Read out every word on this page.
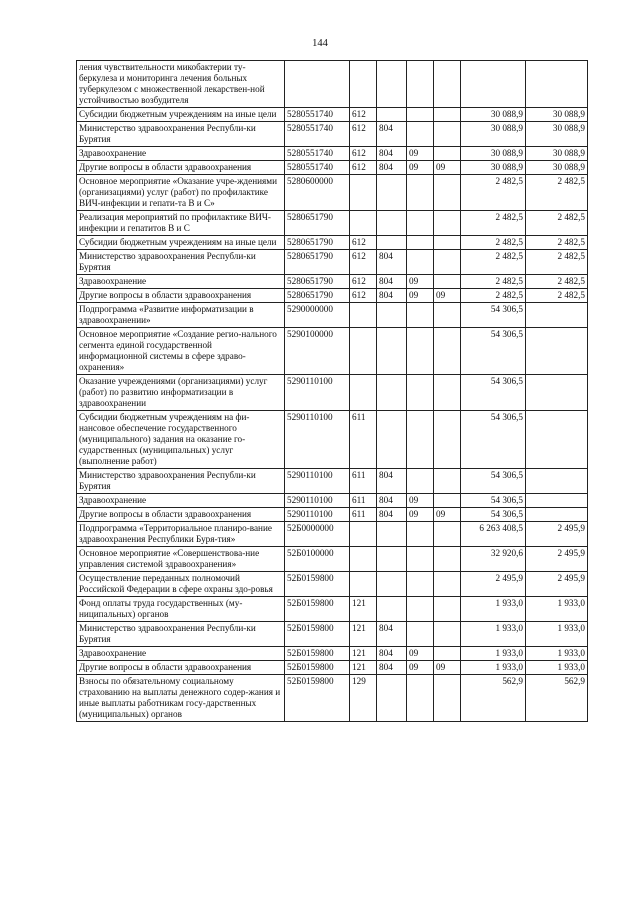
144
ления чувствительности микобактерии ту-беркулеза и мониторинга лечения больных туберкулезом с множественной лекарствен-ной устойчивостью возбудителя							
Субсидии бюджетным учреждениям на иные цели	5280551740	612				30 088,9	30 088,9
Министерство здравоохранения Республи-ки Бурятия	5280551740	612	804			30 088,9	30 088,9
Здравоохранение	5280551740	612	804	09		30 088,9	30 088,9
Другие вопросы в области здравоохранения	5280551740	612	804	09	09	30 088,9	30 088,9
Основное мероприятие «Оказание учре-ждениями (организациями) услуг (работ) по профилактике ВИЧ-инфекции и гепати-та В и С»	5280600000					2 482,5	2 482,5
Реализация мероприятий по профилактике ВИЧ-инфекции и гепатитов В и С	5280651790					2 482,5	2 482,5
Субсидии бюджетным учреждениям на иные цели	5280651790	612				2 482,5	2 482,5
Министерство здравоохранения Республи-ки Бурятия	5280651790	612	804			2 482,5	2 482,5
Здравоохранение	5280651790	612	804	09		2 482,5	2 482,5
Другие вопросы в области здравоохранения	5280651790	612	804	09	09	2 482,5	2 482,5
Подпрограмма «Развитие информатизации в здравоохранении»	5290000000					54 306,5	
Основное мероприятие «Создание регио-нального сегмента единой государственной информационной системы в сфере здраво-охранения»	5290100000					54 306,5	
Оказание учреждениями (организациями) услуг (работ) по развитию информатизации в здравоохранении	5290110100					54 306,5	
Субсидии бюджетным учреждениям на фи-нансовое обеспечение государственного (муниципального) задания на оказание го-сударственных (муниципальных) услуг (выполнение работ)	5290110100	611				54 306,5	
Министерство здравоохранения Республи-ки Бурятия	5290110100	611	804			54 306,5	
Здравоохранение	5290110100	611	804	09		54 306,5	
Другие вопросы в области здравоохранения	5290110100	611	804	09	09	54 306,5	
Подпрограмма «Территориальное планиро-вание здравоохранения Республики Буря-тия»	52Б0000000					6 263 408,5	2 495,9
Основное мероприятие «Совершенствова-ние управления системой здравоохранения»	52Б0100000					32 920,6	2 495,9
Осуществление переданных полномочий Российской Федерации в сфере охраны здо-ровья	52Б0159800					2 495,9	2 495,9
Фонд оплаты труда государственных (му-ниципальных) органов	52Б0159800	121				1 933,0	1 933,0
Министерство здравоохранения Республи-ки Бурятия	52Б0159800	121	804			1 933,0	1 933,0
Здравоохранение	52Б0159800	121	804	09		1 933,0	1 933,0
Другие вопросы в области здравоохранения	52Б0159800	121	804	09	09	1 933,0	1 933,0
Взносы по обязательному социальному страхованию на выплаты денежного содер-жания и иные выплаты работникам госу-дарственных (муниципальных) органов	52Б0159800	129				562,9	562,9
